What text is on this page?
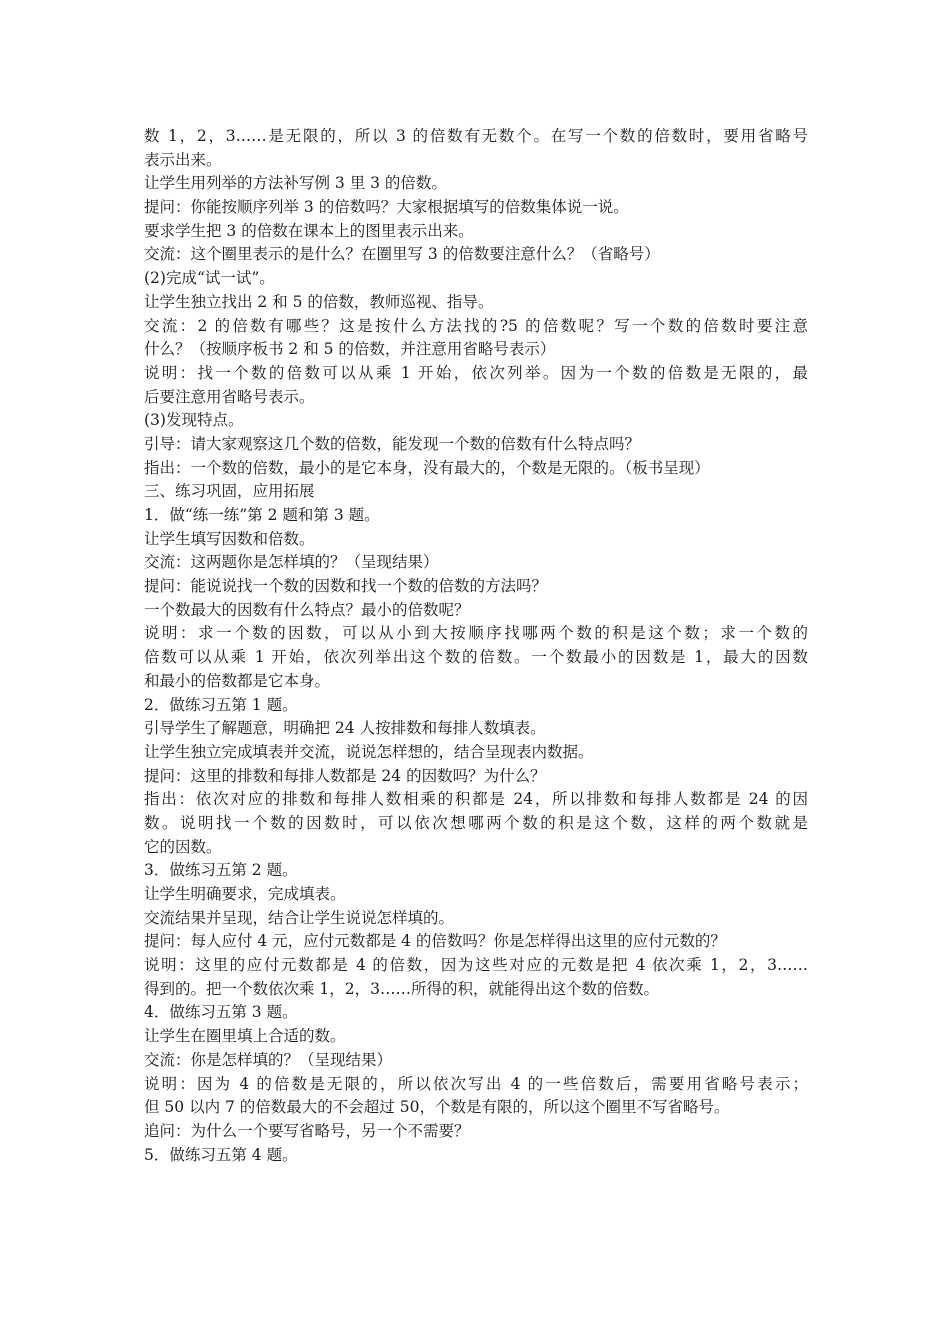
数 1，2，3……是无限的，所以 3 的倍数有无数个。在写一个数的倍数时，要用省略号
表示出来。
让学生用列举的方法补写例 3 里 3 的倍数。
提问：你能按顺序列举 3 的倍数吗？大家根据填写的倍数集体说一说。
要求学生把 3 的倍数在课本上的图里表示出来。
交流：这个圈里表示的是什么？在圈里写 3 的倍数要注意什么？（省略号）
(2)完成“试一试”。
让学生独立找出 2 和 5 的倍数，教师巡视、指导。
交流：2 的倍数有哪些？这是按什么方法找的?5 的倍数呢？写一个数的倍数时要注意
什么？（按顺序板书 2 和 5 的倍数，并注意用省略号表示）
说明：找一个数的倍数可以从乘 1 开始，依次列举。因为一个数的倍数是无限的，最
后要注意用省略号表示。
(3)发现特点。
引导：请大家观察这几个数的倍数，能发现一个数的倍数有什么特点吗？
指出：一个数的倍数，最小的是它本身，没有最大的，个数是无限的。（板书呈现）
三、练习巩固，应用拓展
1．做“练一练”第 2 题和第 3 题。
让学生填写因数和倍数。
交流：这两题你是怎样填的？（呈现结果）
提问：能说说找一个数的因数和找一个数的倍数的方法吗？
一个数最大的因数有什么特点？最小的倍数呢？
说明：求一个数的因数，可以从小到大按顺序找哪两个数的积是这个数；求一个数的
倍数可以从乘 1 开始，依次列举出这个数的倍数。一个数最小的因数是 1，最大的因数
和最小的倍数都是它本身。
2．做练习五第 1 题。
引导学生了解题意，明确把 24 人按排数和每排人数填表。
让学生独立完成填表并交流，说说怎样想的，结合呈现表内数据。
提问：这里的排数和每排人数都是 24 的因数吗？为什么？
指出：依次对应的排数和每排人数相乘的积都是 24，所以排数和每排人数都是 24 的因
数。说明找一个数的因数时，可以依次想哪两个数的积是这个数，这样的两个数就是
它的因数。
3．做练习五第 2 题。
让学生明确要求，完成填表。
交流结果并呈现，结合让学生说说怎样填的。
提问：每人应付 4 元，应付元数都是 4 的倍数吗？你是怎样得出这里的应付元数的？
说明：这里的应付元数都是 4 的倍数，因为这些对应的元数是把 4 依次乘 1，2，3……
得到的。把一个数依次乘 1，2，3……所得的积，就能得出这个数的倍数。
4．做练习五第 3 题。
让学生在圈里填上合适的数。
交流：你是怎样填的？（呈现结果）
说明：因为 4 的倍数是无限的，所以依次写出 4 的一些倍数后，需要用省略号表示；
但 50 以内 7 的倍数最大的不会超过 50，个数是有限的，所以这个圈里不写省略号。
追问：为什么一个要写省略号，另一个不需要？
5．做练习五第 4 题。
